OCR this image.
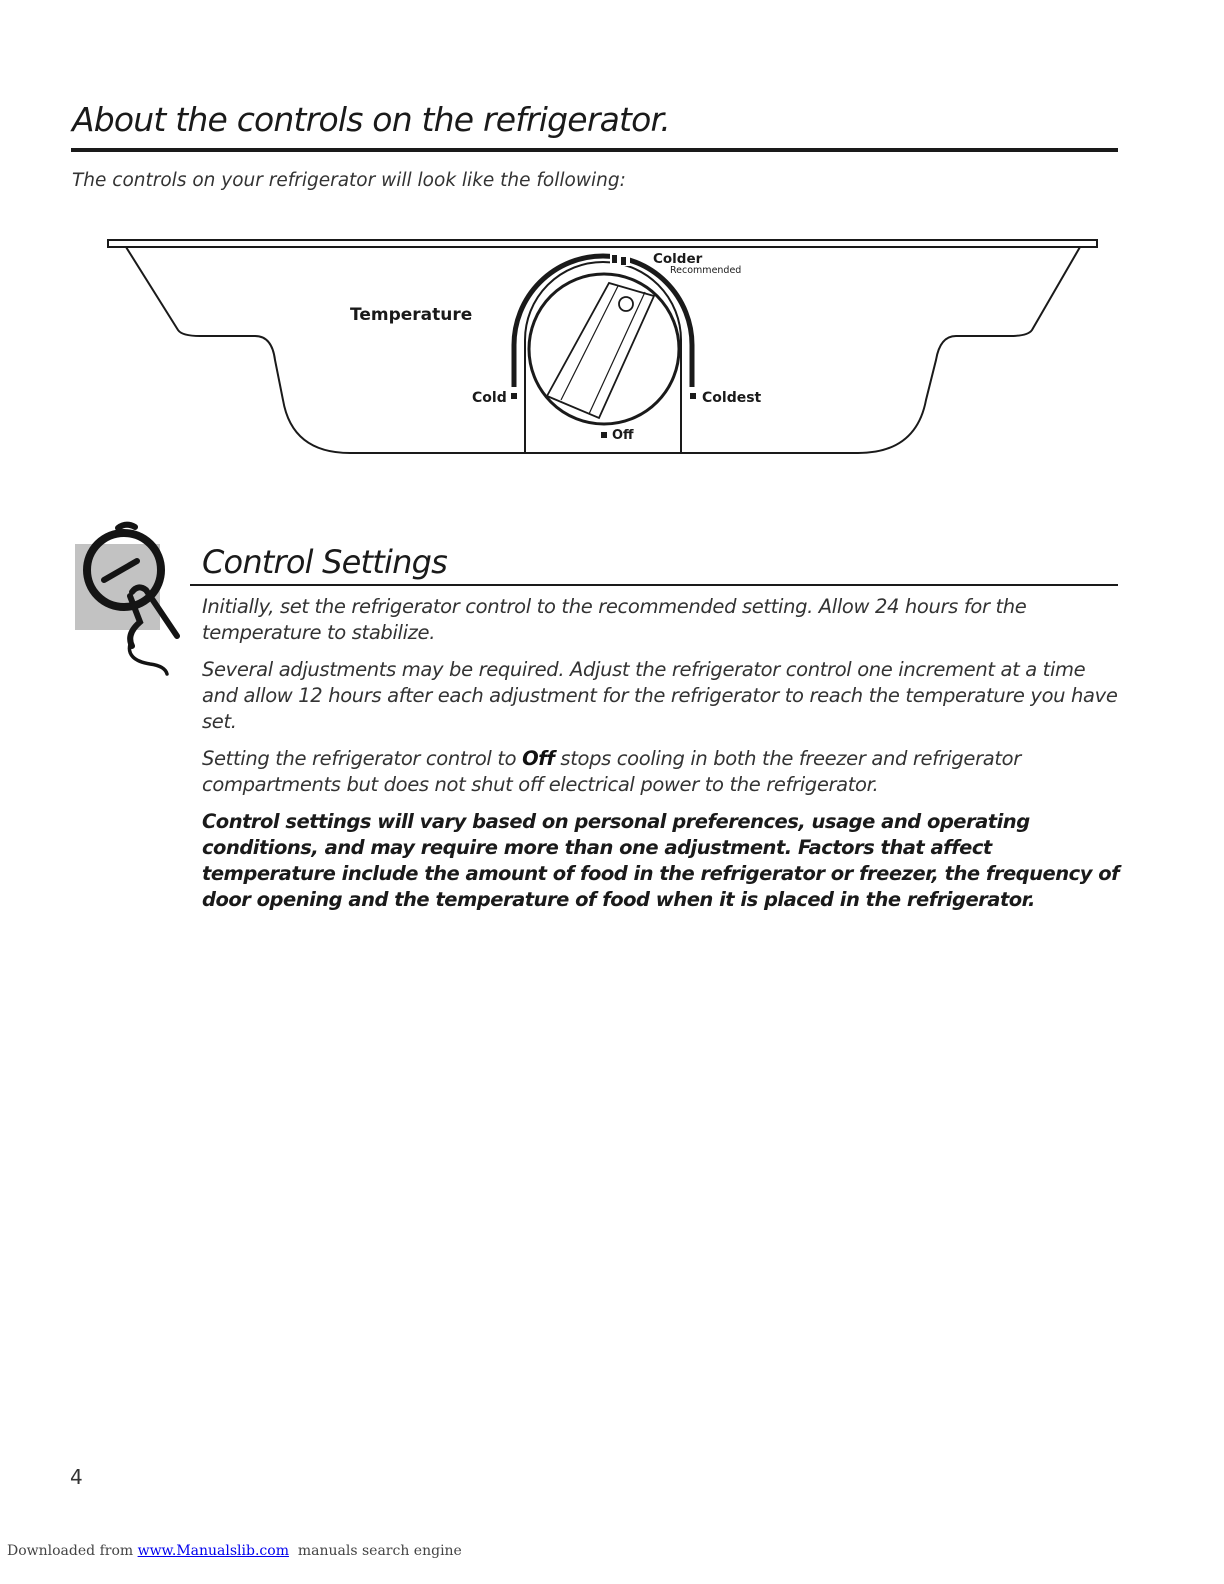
About the controls on the refrigerator.

The controls on your refrigerator will look like the following:

Temperature
Cold
Colder
Recommended
Coldest
Off
Control Settings

Initially, set the refrigerator control to the recommended setting. Allow 24 hours for the temperature to stabilize.

Several adjustments may be required. Adjust the refrigerator control one increment at a time and allow 12 hours after each adjustment for the refrigerator to reach the temperature you have set.

Setting the refrigerator control to Off stops cooling in both the freezer and refrigerator compartments but does not shut off electrical power to the refrigerator.

Control settings will vary based on personal preferences, usage and operating conditions, and may require more than one adjustment. Factors that affect temperature include the amount of food in the refrigerator or freezer, the frequency of door opening and the temperature of food when it is placed in the refrigerator.

4
Downloaded from www.Manualslib.com  manuals search engine
